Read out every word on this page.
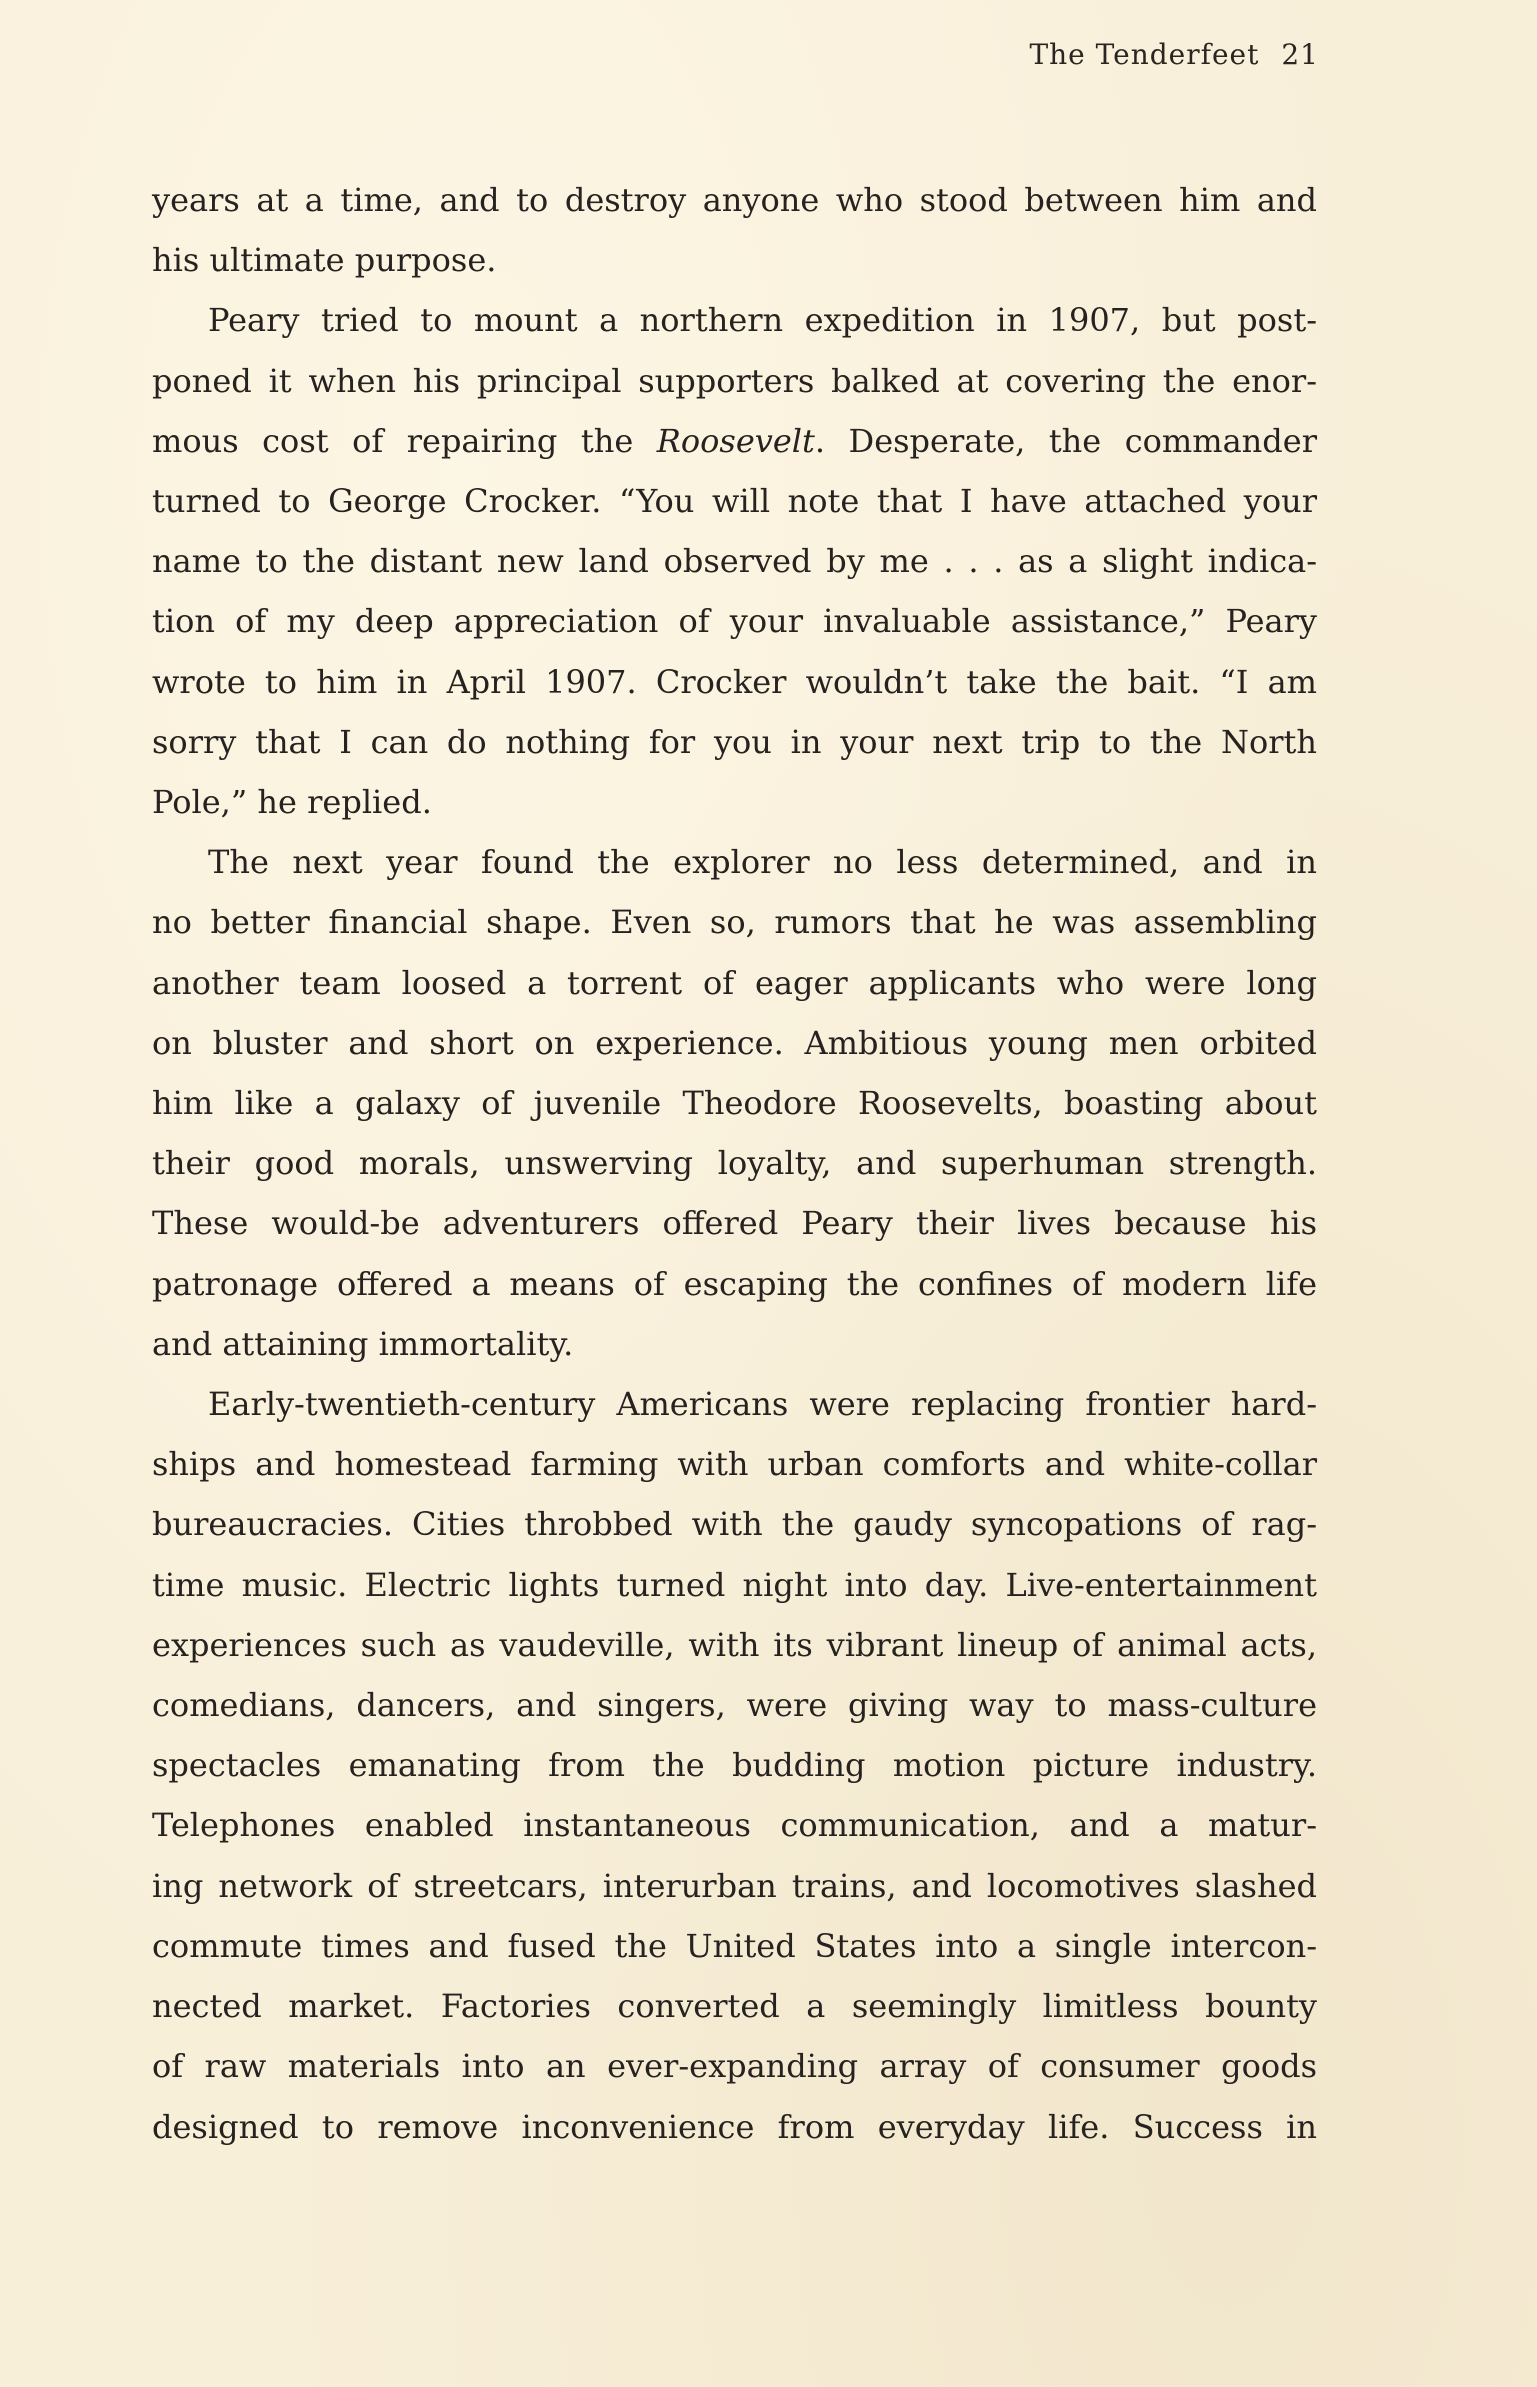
The Tenderfeet 21

years at a time, and to destroy anyone who stood between him and
his ultimate purpose.

Peary tried to mount a northern expedition in 1907, but post-
poned it when his principal supporters balked at covering the enor-
mous cost of repairing the Roosevelt. Desperate, the commander
turned to George Crocker. “You will note that I have attached your
name to the distant new land observed by me . . . as a slight indica-
tion of my deep appreciation of your invaluable assistance,” Peary
wrote to him in April 1907. Crocker wouldn’t take the bait. “I am
sorry that I can do nothing for you in your next trip to the North
Pole,” he replied.

The next year found the explorer no less determined, and in
no better financial shape. Even so, rumors that he was assembling
another team loosed a torrent of eager applicants who were long
on bluster and short on experience. Ambitious young men orbited
him like a galaxy of juvenile Theodore Roosevelts, boasting about
their good morals, unswerving loyalty, and superhuman strength.
These would-be adventurers offered Peary their lives because his
patronage offered a means of escaping the confines of modern life
and attaining immortality.

Early-twentieth-century Americans were replacing frontier hard-
ships and homestead farming with urban comforts and white-collar
bureaucracies. Cities throbbed with the gaudy syncopations of rag-
time music. Electric lights turned night into day. Live-entertainment
experiences such as vaudeville, with its vibrant lineup of animal acts,
comedians, dancers, and singers, were giving way to mass-culture
spectacles emanating from the budding motion picture industry.
Telephones enabled instantaneous communication, and a matur-
ing network of streetcars, interurban trains, and locomotives slashed
commute times and fused the United States into a single intercon-
nected market. Factories converted a seemingly limitless bounty
of raw materials into an ever-expanding array of consumer goods
designed to remove inconvenience from everyday life. Success in
